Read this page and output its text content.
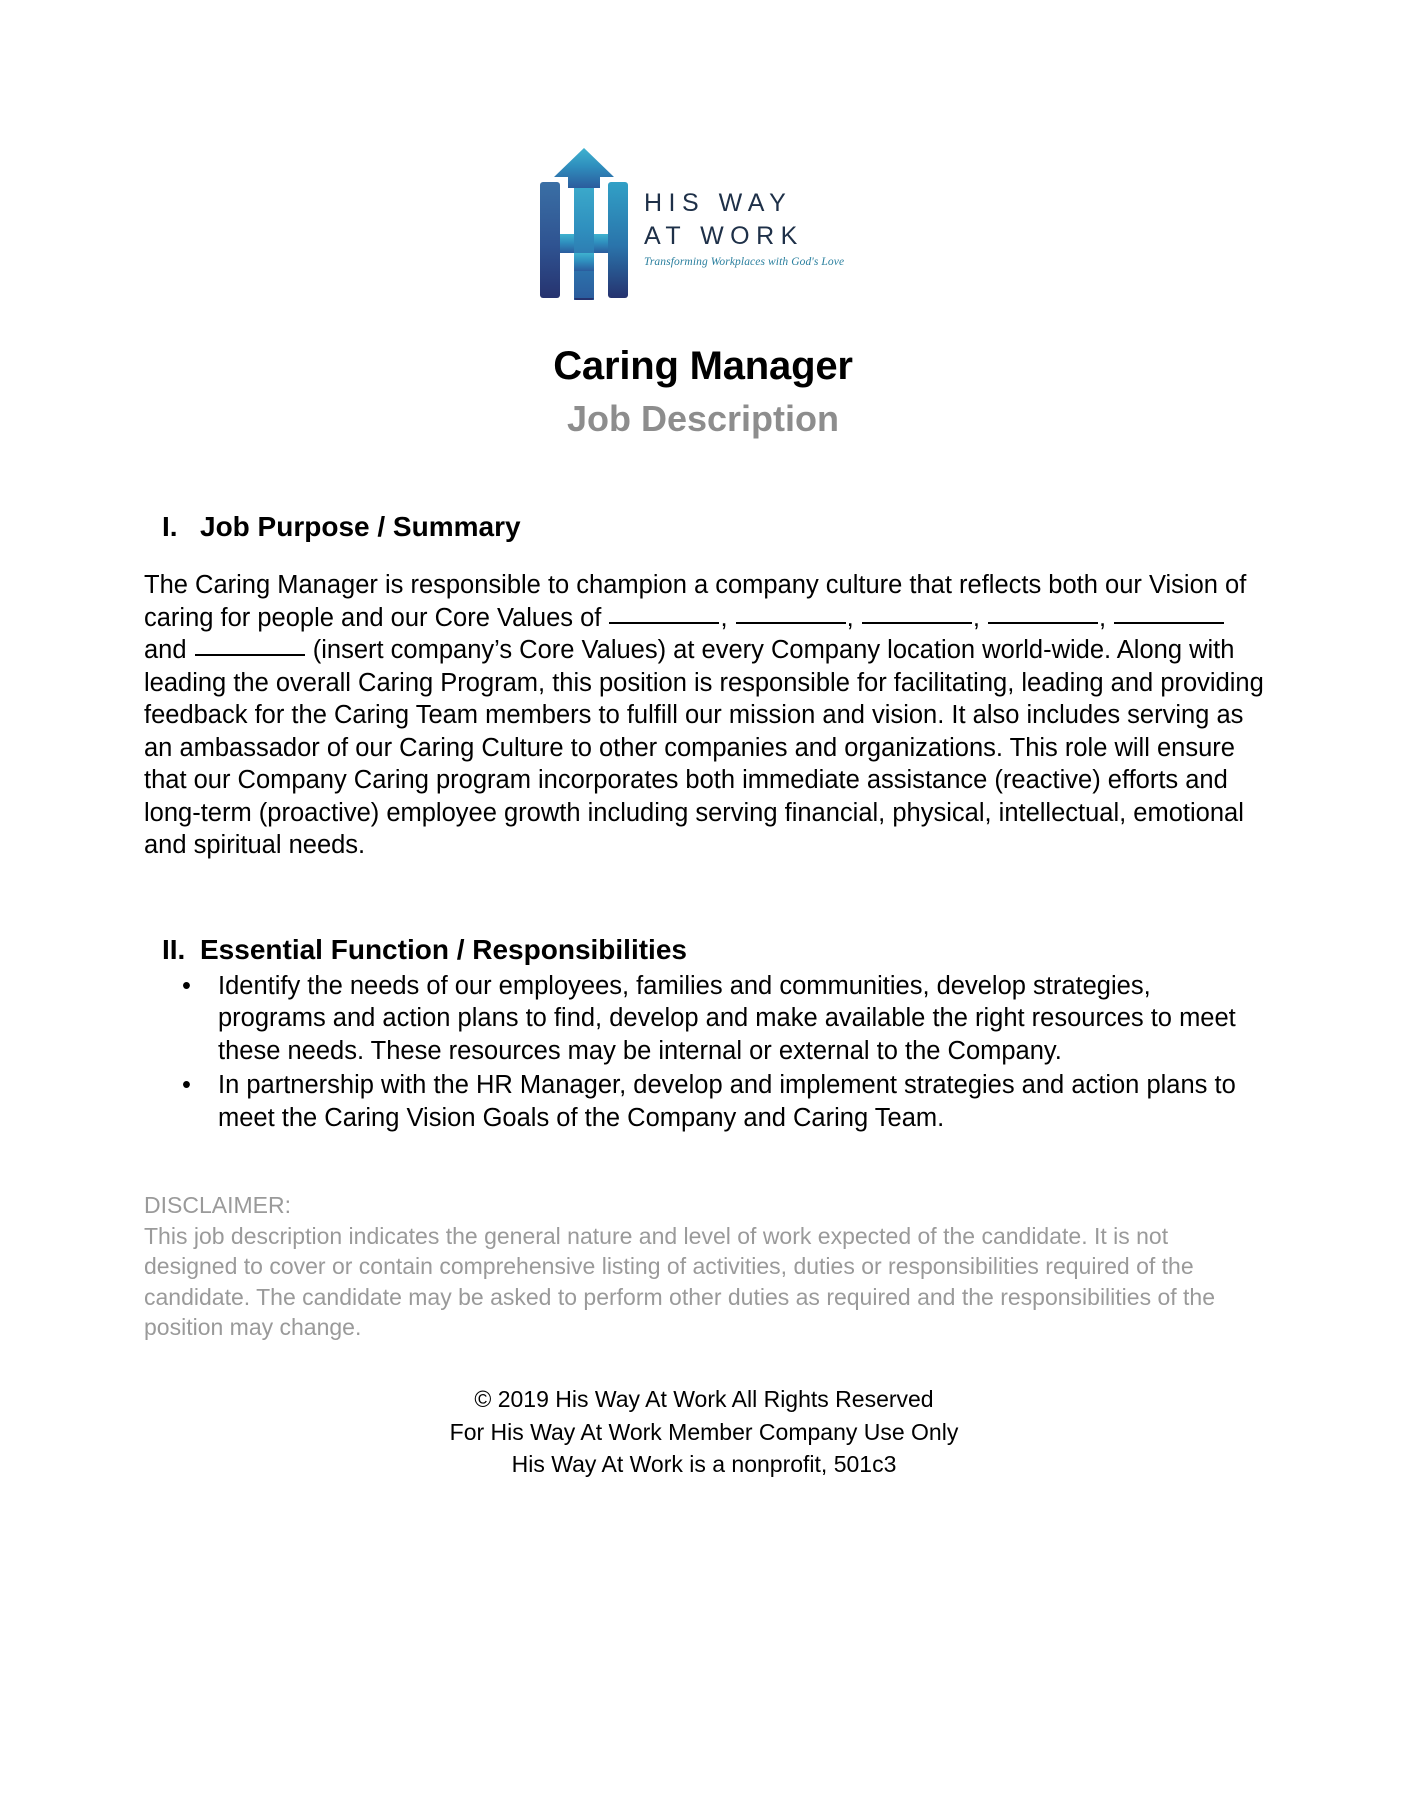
HIS WAY
AT WORK
Transforming Workplaces with God's Love
Caring Manager
Job Description
I. Job Purpose / Summary

The Caring Manager is responsible to champion a company culture that reflects both our Vision of caring for people and our Core Values of	,	,	,	,  and	(insert company’s Core Values) at every Company location world-wide. Along with leading the overall Caring Program, this position is responsible for facilitating, leading and providing feedback for the Caring Team members to fulfill our mission and vision. It also includes serving as an ambassador of our Caring Culture to other companies and organizations. This role will ensure that our Company Caring program incorporates both immediate assistance (reactive) efforts and long-term (proactive) employee growth including serving financial, physical, intellectual, emotional and spiritual needs.

II. Essential Function / Responsibilities
• Identify the needs of our employees, families and communities, develop strategies, programs and action plans to find, develop and make available the right resources to meet these needs. These resources may be internal or external to the Company.
• In partnership with the HR Manager, develop and implement strategies and action plans to meet the Caring Vision Goals of the Company and Caring Team.
DISCLAIMER:
This job description indicates the general nature and level of work expected of the candidate. It is not designed to cover or contain comprehensive listing of activities, duties or responsibilities required of the candidate. The candidate may be asked to perform other duties as required and the responsibilities of the position may change.
© 2019 His Way At Work All Rights Reserved
For His Way At Work Member Company Use Only
His Way At Work is a nonprofit, 501c3
